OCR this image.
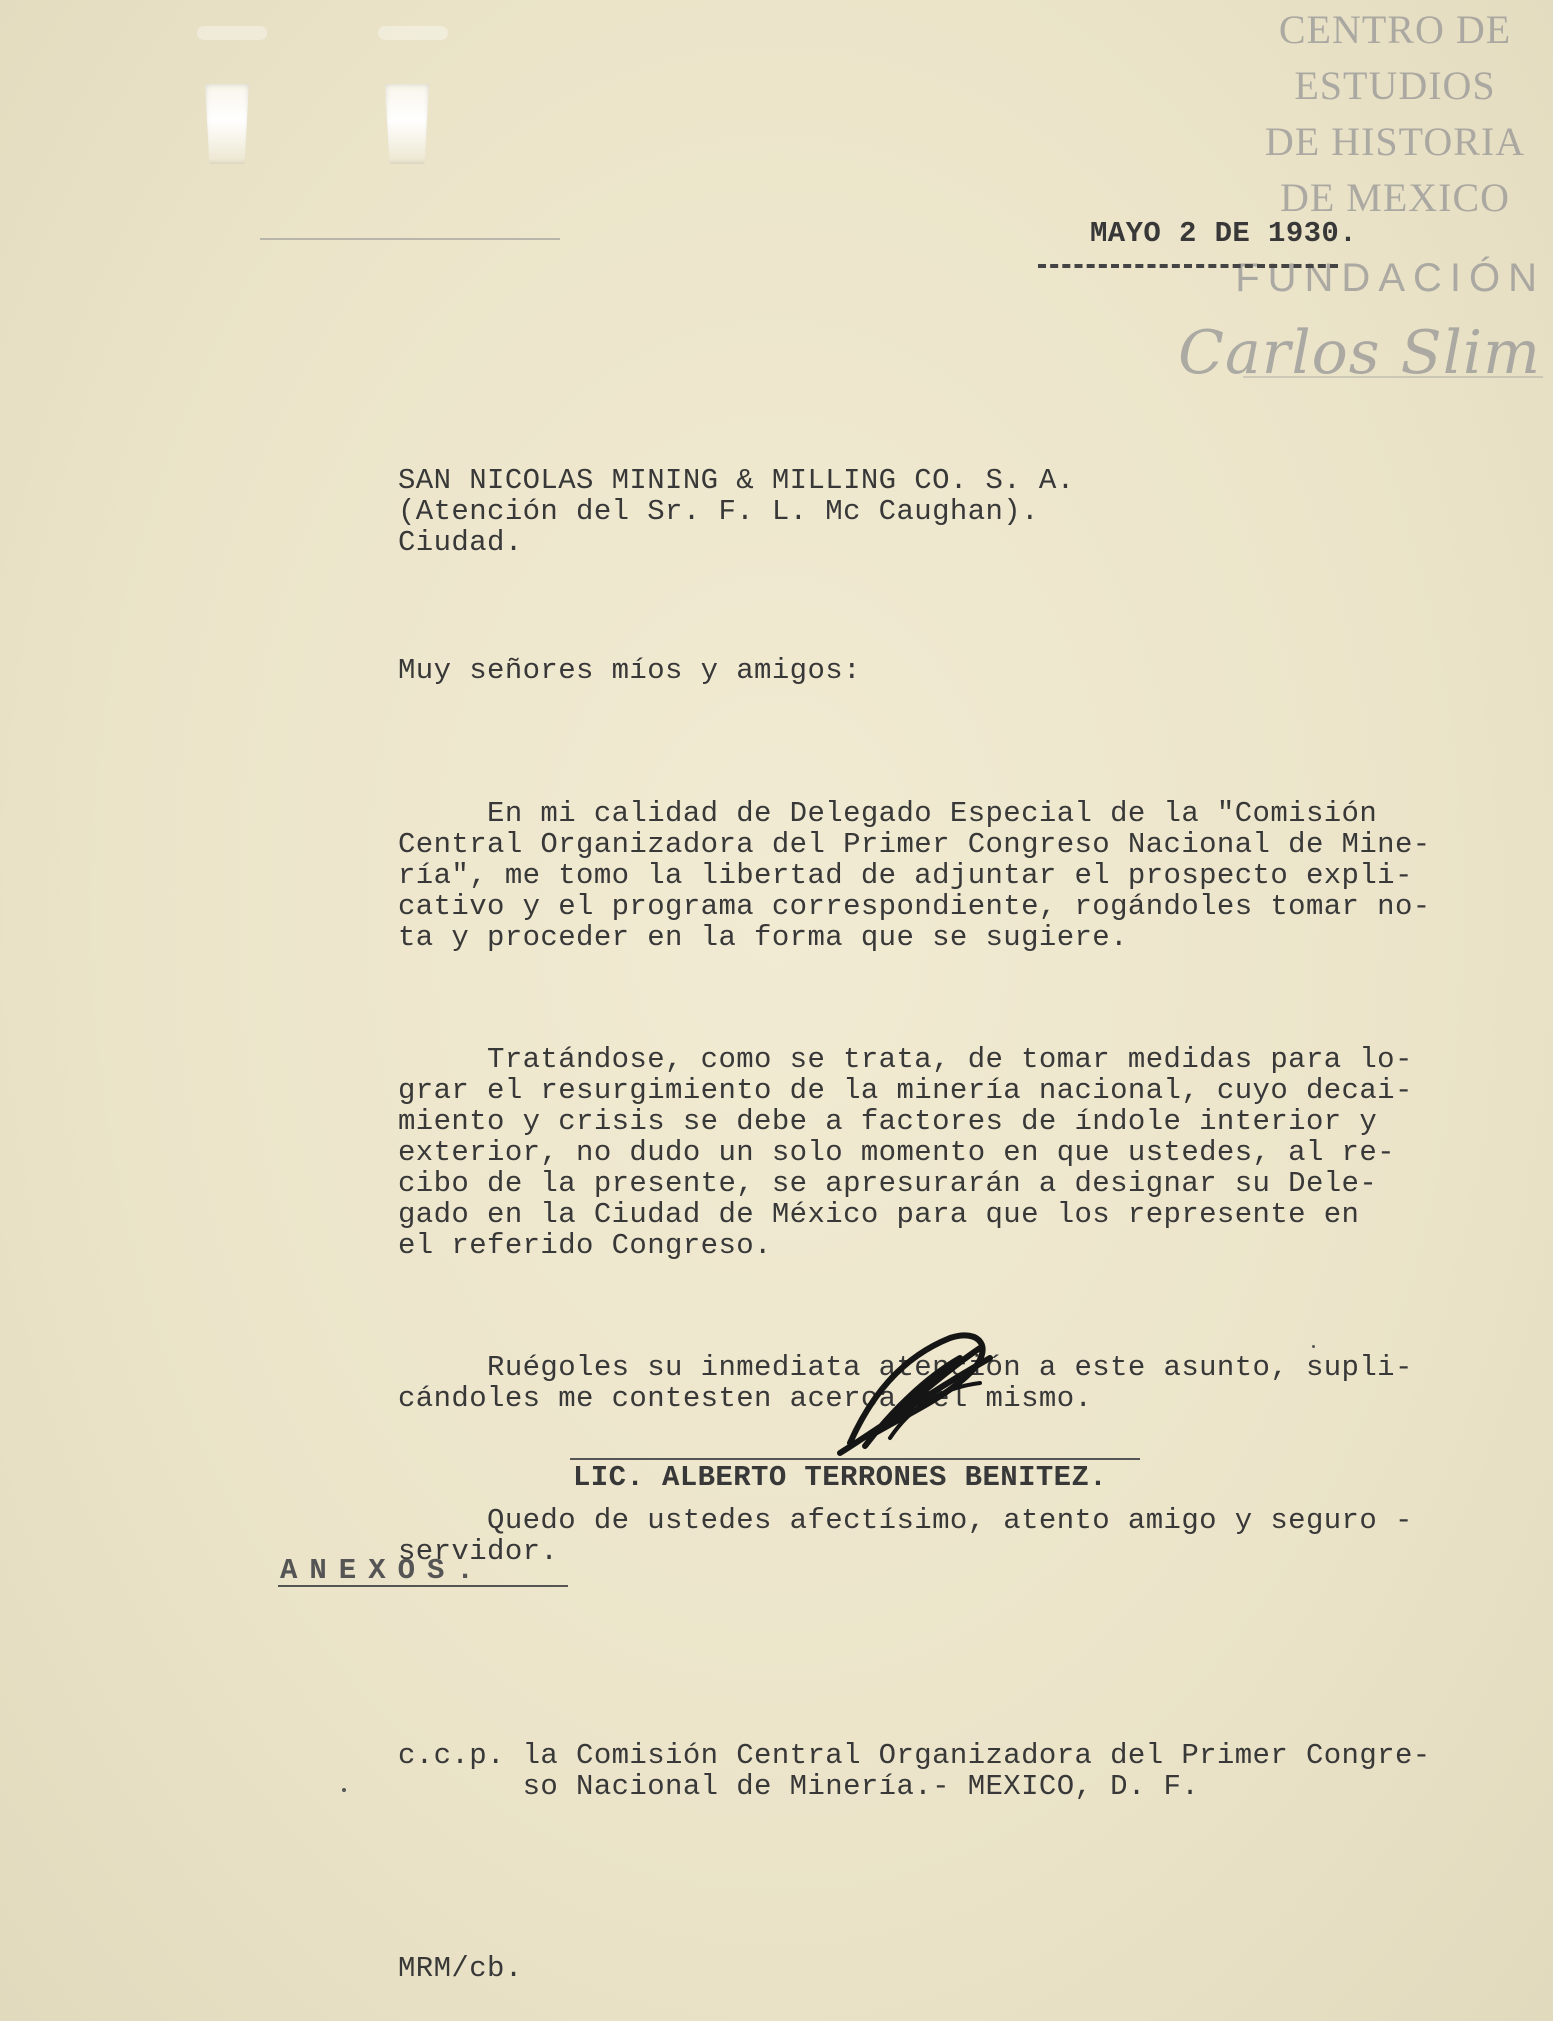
CENTRO DE
ESTUDIOS
DE HISTORIA
DE MEXICO
FUNDACIÓN
Carlos Slim
MAYO 2 DE 1930.
SAN NICOLAS MINING & MILLING CO. S. A.
(Atención del Sr. F. L. Mc Caughan).
Ciudad.
Muy señores míos y amigos:

En mi calidad de Delegado Especial de la "Comisión
Central Organizadora del Primer Congreso Nacional de Mine-
ría", me tomo la libertad de adjuntar el prospecto expli-
cativo y el programa correspondiente, rogándoles tomar no-
ta y proceder en la forma que se sugiere.

Tratándose, como se trata, de tomar medidas para lo-
grar el resurgimiento de la minería nacional, cuyo decai-
miento y crisis se debe a factores de índole interior y
exterior, no dudo un solo momento en que ustedes, al re-
cibo de la presente, se apresurarán a designar su Dele-
gado en la Ciudad de México para que los represente en
el referido Congreso.

Ruégoles su inmediata atención a este asunto, supli-
cándoles me contesten acerca del mismo.

Quedo de ustedes afectísimo, atento amigo y seguro -
servidor.

LIC. ALBERTO TERRONES BENITEZ.
ANEXOS.
c.c.p. la Comisión Central Organizadora del Primer Congre-
so Nacional de Minería.- MEXICO, D. F.
MRM/cb.
